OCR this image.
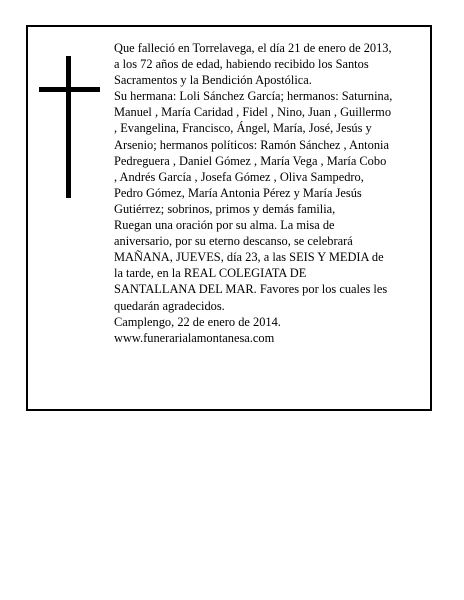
Que falleció en Torrelavega, el día 21 de enero de 2013,
a los 72 años de edad, habiendo recibido los Santos
Sacramentos y la Bendición Apostólica.
Su hermana: Loli Sánchez García; hermanos: Saturnina,
Manuel , María Caridad , Fidel , Nino, Juan , Guillermo
, Evangelina, Francisco, Ángel, María, José, Jesús y
Arsenio; hermanos políticos: Ramón Sánchez , Antonia
Pedreguera , Daniel Gómez , María Vega , María Cobo
, Andrés García , Josefa Gómez , Oliva Sampedro,
Pedro Gómez, María Antonia Pérez y María Jesús
Gutiérrez; sobrinos, primos y demás familia,
Ruegan una oración por su alma. La misa de
aniversario, por su eterno descanso, se celebrará
MAÑANA, JUEVES, día 23, a las SEIS Y MEDIA de
la tarde, en la REAL COLEGIATA DE
SANTALLANA DEL MAR. Favores por los cuales les
quedarán agradecidos.
Camplengo, 22 de enero de 2014.
www.funerarialamontanesa.com
